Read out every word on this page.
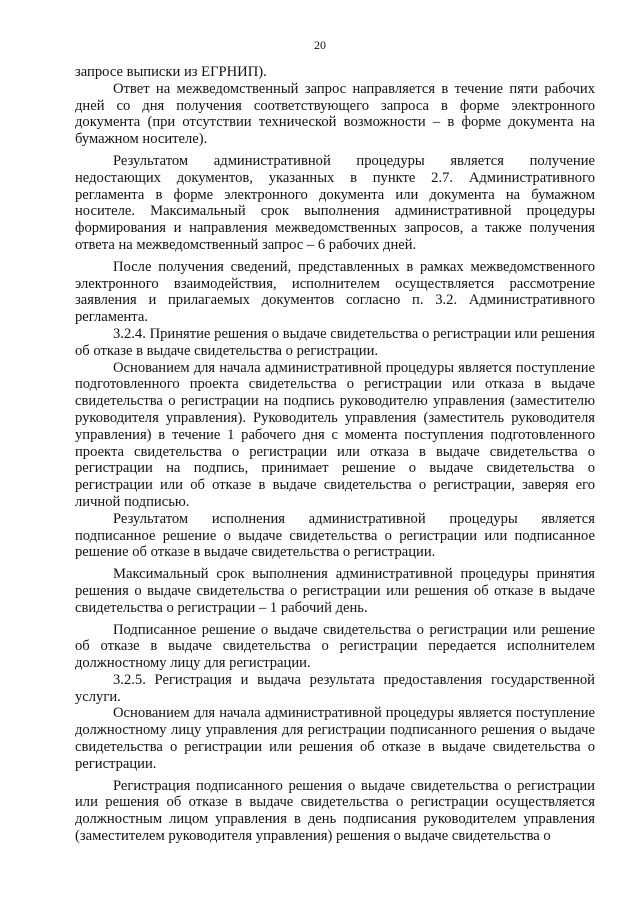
20

запросе выписки из ЕГРНИП).

Ответ на межведомственный запрос направляется в течение пяти рабочих дней со дня получения соответствующего запроса в форме электронного документа (при отсутствии технической возможности – в форме документа на бумажном носителе).

Результатом административной процедуры является получение недостающих документов, указанных в пункте 2.7. Административного регламента в форме электронного документа или документа на бумажном носителе. Максимальный срок выполнения административной процедуры формирования и направления межведомственных запросов, а также получения ответа на межведомственный запрос – 6 рабочих дней.

После получения сведений, представленных в рамках межведомственного электронного взаимодействия, исполнителем осуществляется рассмотрение заявления и прилагаемых документов согласно п. 3.2. Административного регламента.

3.2.4. Принятие решения о выдаче свидетельства о регистрации или решения об отказе в выдаче свидетельства о регистрации.

Основанием для начала административной процедуры является поступление подготовленного проекта свидетельства о регистрации или отказа в выдаче свидетельства о регистрации на подпись руководителю управления (заместителю руководителя управления). Руководитель управления (заместитель руководителя управления) в течение 1 рабочего дня с момента поступления подготовленного проекта свидетельства о регистрации или отказа в выдаче свидетельства о регистрации на подпись, принимает решение о выдаче свидетельства о регистрации или об отказе в выдаче свидетельства о регистрации, заверяя его личной подписью.

Результатом исполнения административной процедуры является подписанное решение о выдаче свидетельства о регистрации или подписанное решение об отказе в выдаче свидетельства о регистрации.

Максимальный срок выполнения административной процедуры принятия решения о выдаче свидетельства о регистрации или решения об отказе в выдаче свидетельства о регистрации – 1 рабочий день.

Подписанное решение о выдаче свидетельства о регистрации или решение об отказе в выдаче свидетельства о регистрации передается исполнителем должностному лицу для регистрации.

3.2.5. Регистрация и выдача результата предоставления государственной услуги.

Основанием для начала административной процедуры является поступление должностному лицу управления для регистрации подписанного решения о выдаче свидетельства о регистрации или решения об отказе в выдаче свидетельства о регистрации.

Регистрация подписанного решения о выдаче свидетельства о регистрации или решения об отказе в выдаче свидетельства о регистрации осуществляется должностным лицом управления в день подписания руководителем управления (заместителем руководителя управления) решения о выдаче свидетельства о
